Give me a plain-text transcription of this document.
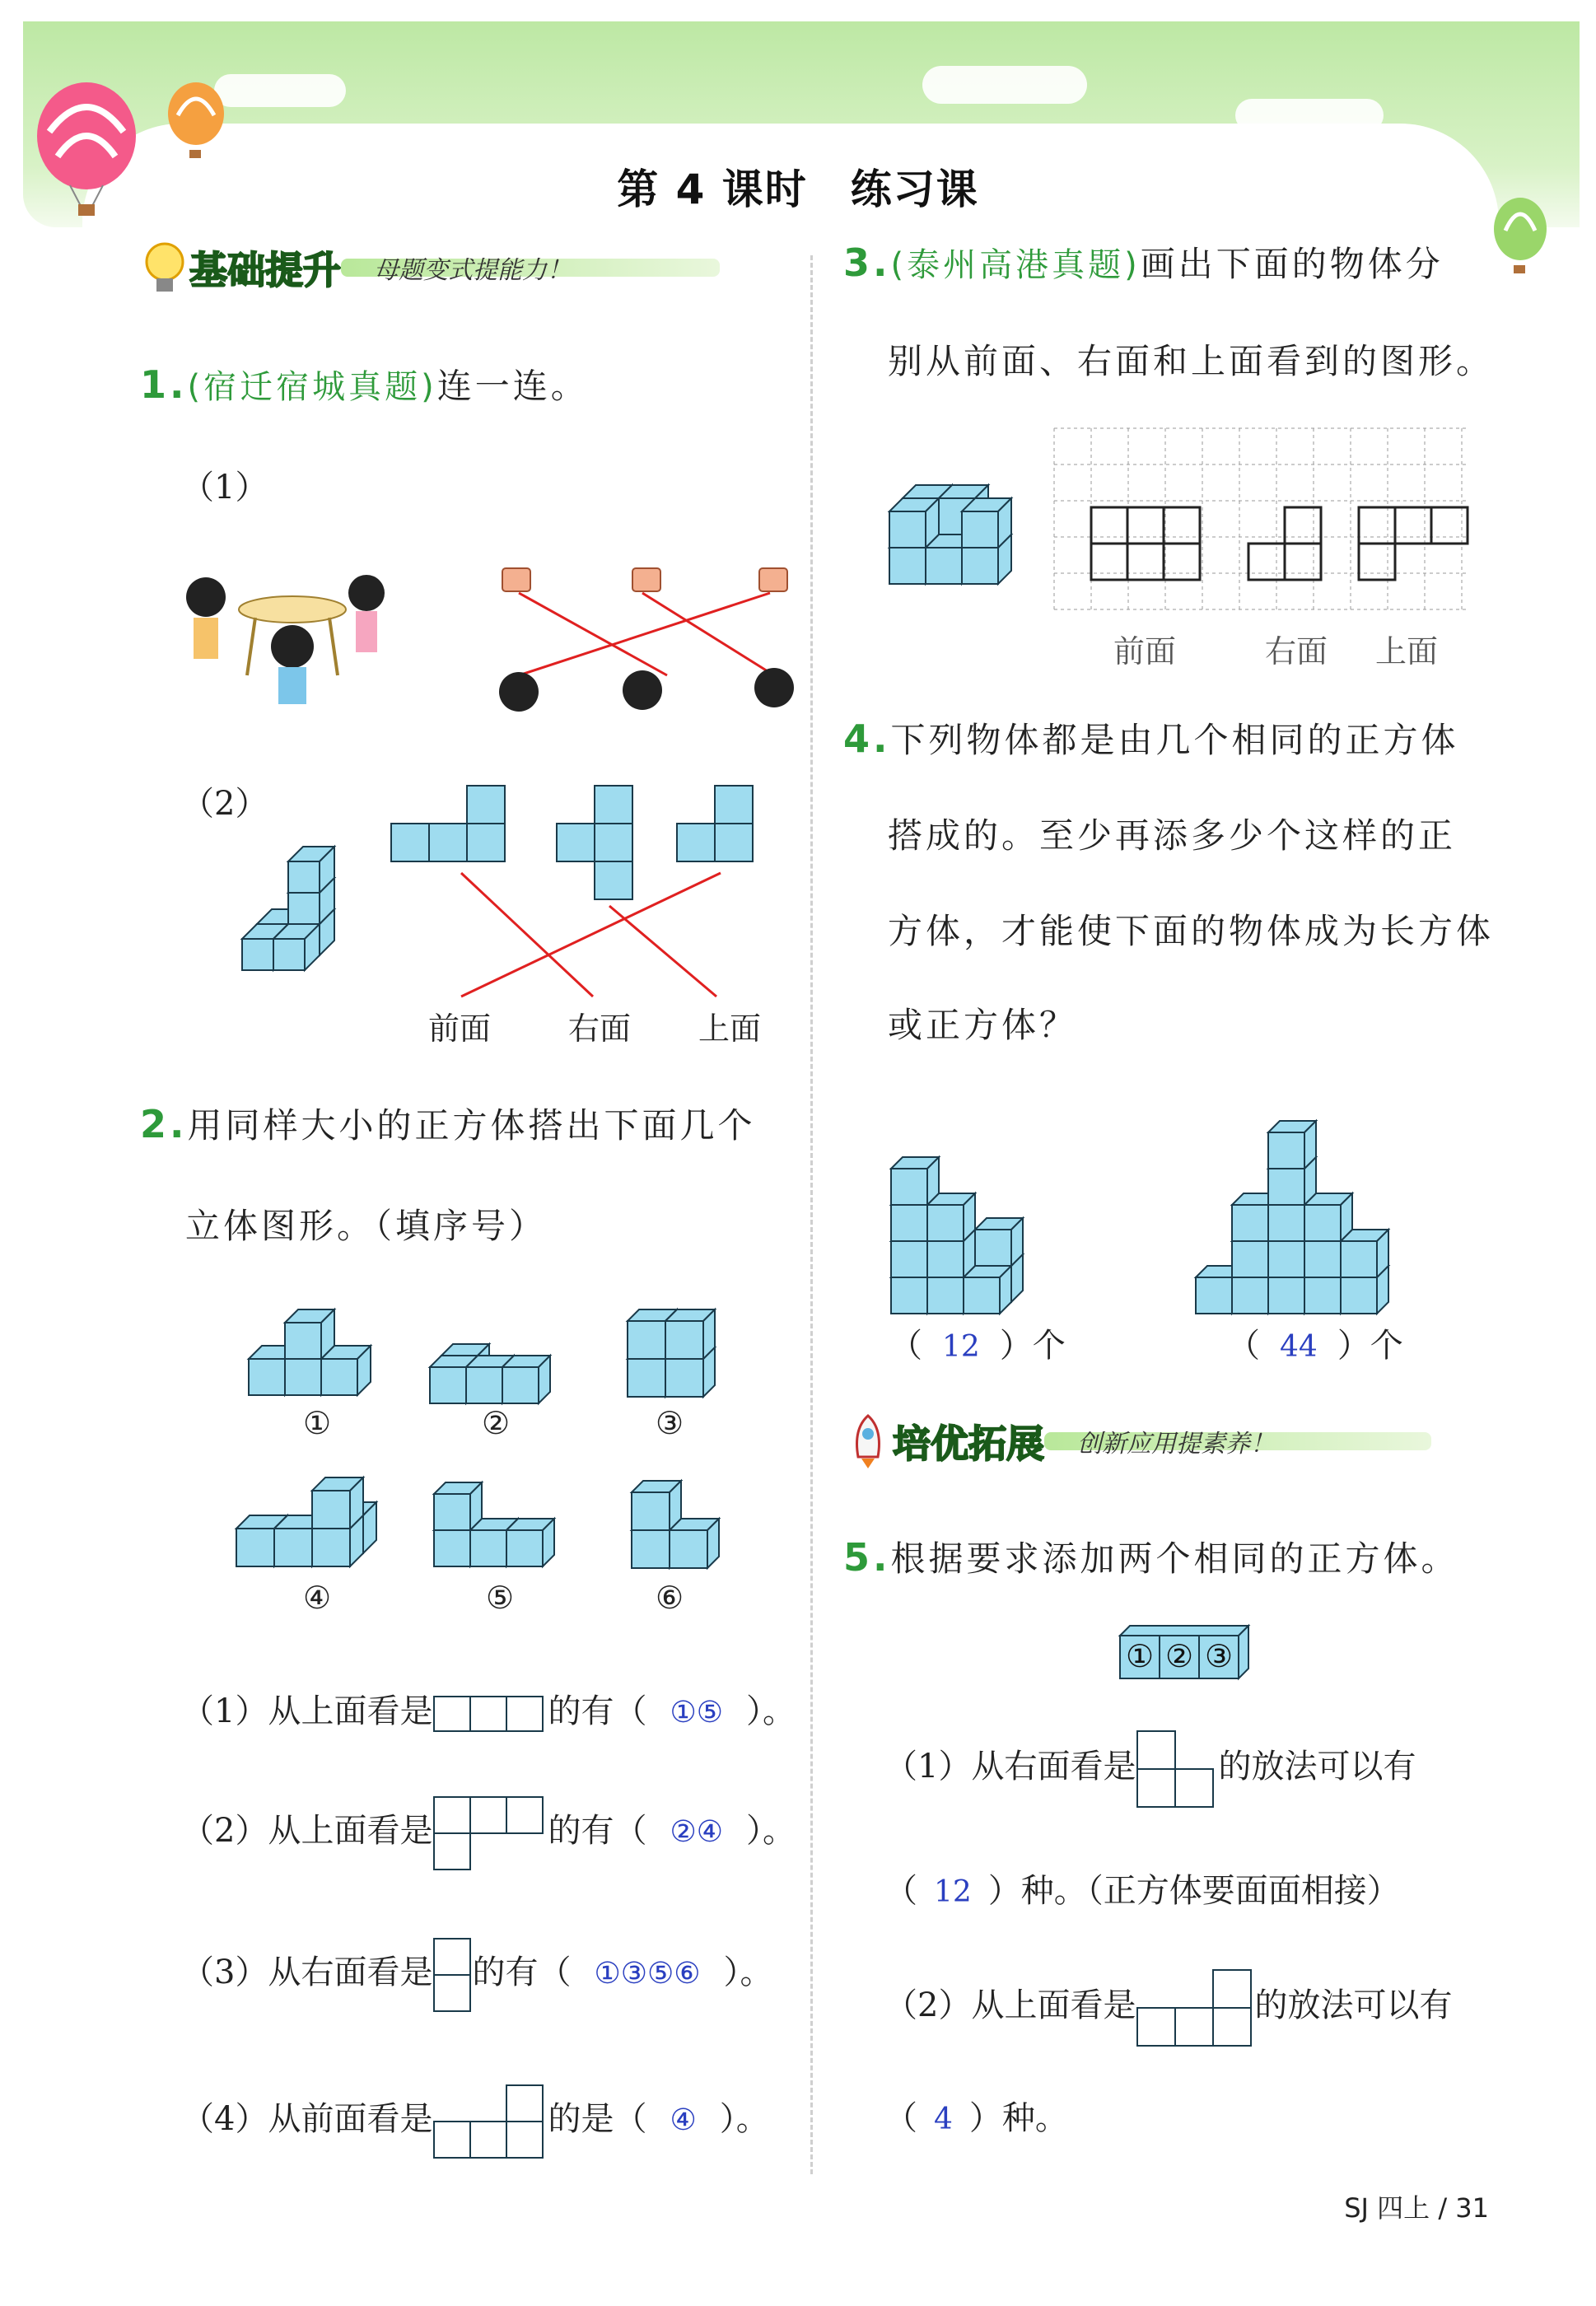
第 4 课时　练习课
基础提升	母题变式提能力！
1.(宿迁宿城真题)连一连。
（1）
（2）
前面 右面 上面
2.用同样大小的正方体搭出下面几个
立体图形。（填序号）
①	②	③
④	⑤	⑥
（1）从上面看是	的有（ ①⑤ ）。
（2）从上面看是	的有（ ②④ ）。
（3）从右面看是 的有（ ①③⑤⑥ ）。
（4）从前面看是	的是（ ④ ）。
3.(泰州高港真题)画出下面的物体分
别从前面、右面和上面看到的图形。
前面	右面 上面
4.下列物体都是由几个相同的正方体
搭成的。至少再添多少个这样的正
方体，才能使下面的物体成为长方体
或正方体？
（ 12 ）个	（ 44 ）个
培优拓展	创新应用提素养！
5.根据要求添加两个相同的正方体。
① ② ③
（1）从右面看是	的放法可以有
（ 12 ）种。（正方体要面面相接）
（2）从上面看是	的放法可以有
（ 4 ）种。
SJ 四上 / 31
